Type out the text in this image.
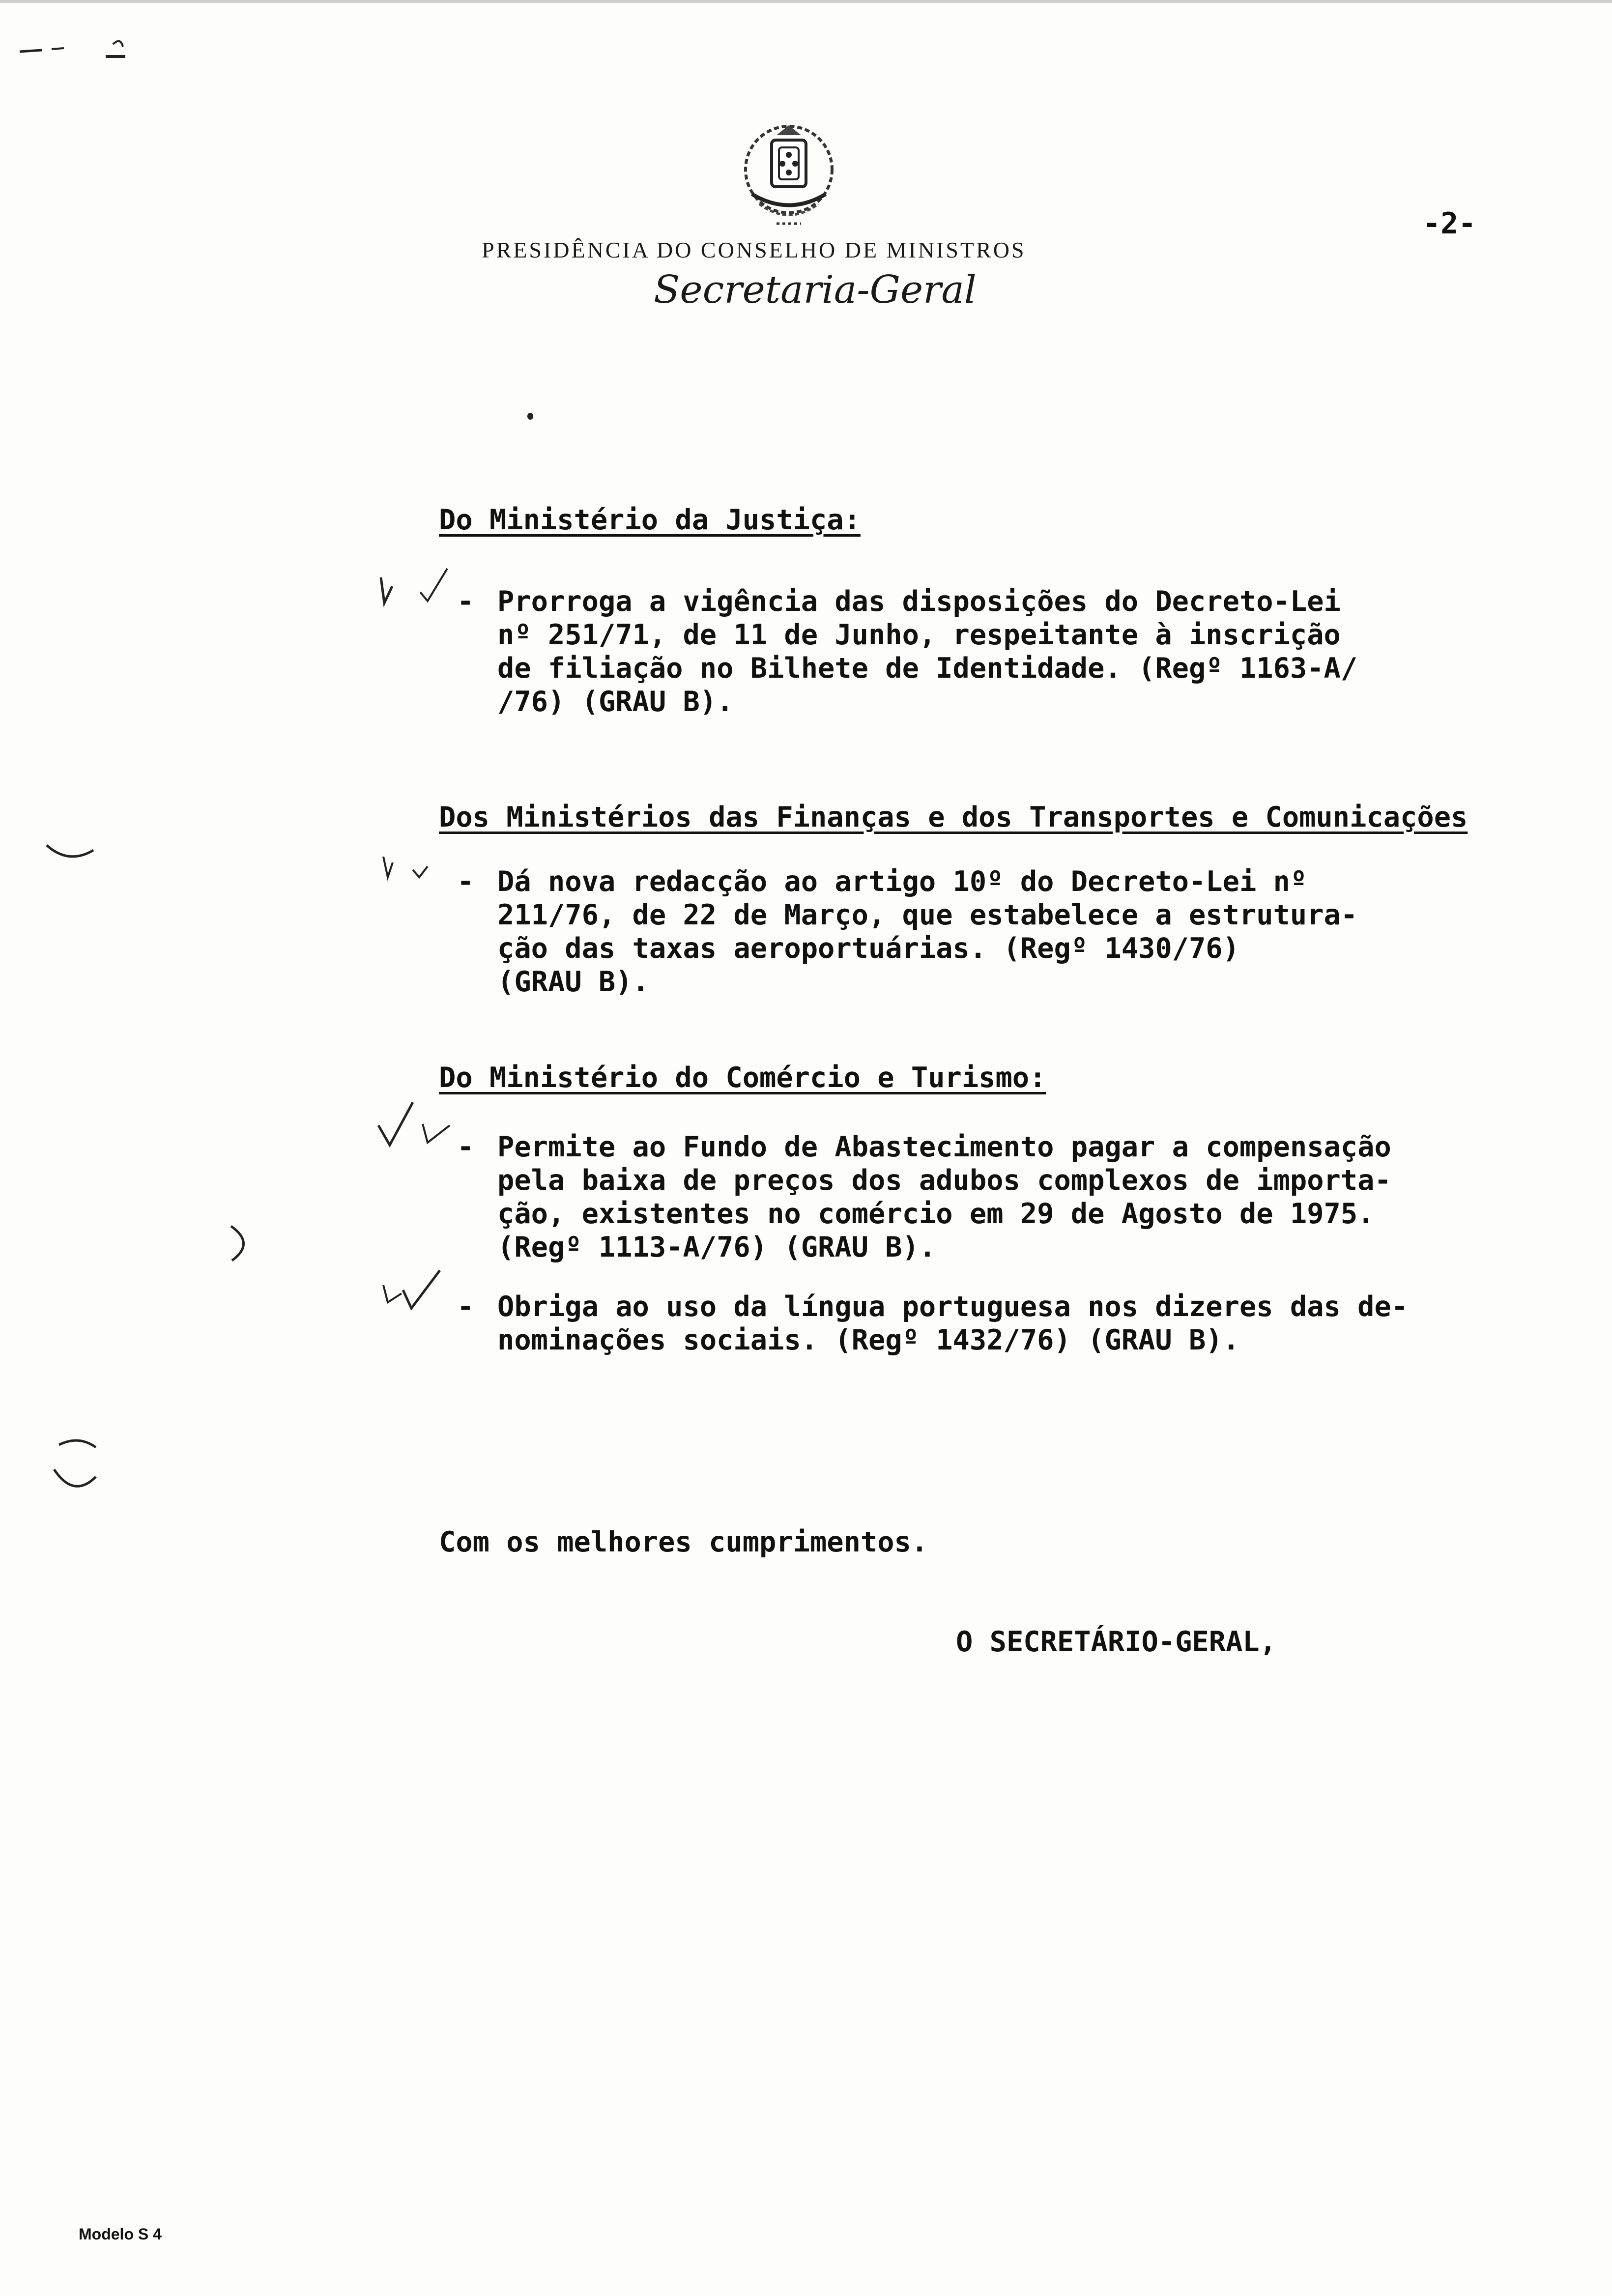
-2-
PRESIDÊNCIA DO CONSELHO DE MINISTROS
Secretaria-Geral
Do Ministério da Justiça:
- Prorroga a vigência das disposições do Decreto-Lei
nº 251/71, de 11 de Junho, respeitante à inscrição
de filiação no Bilhete de Identidade. (Regº 1163-A/
/76) (GRAU B).
Dos Ministérios das Finanças e dos Transportes e Comunicações
- Dá nova redacção ao artigo 10º do Decreto-Lei nº
211/76, de 22 de Março, que estabelece a estrutura-
ção das taxas aeroportuárias. (Regº 1430/76)
(GRAU B).
Do Ministério do Comércio e Turismo:
- Permite ao Fundo de Abastecimento pagar a compensação
pela baixa de preços dos adubos complexos de importa-
ção, existentes no comércio em 29 de Agosto de 1975.
(Regº 1113-A/76) (GRAU B).
- Obriga ao uso da língua portuguesa nos dizeres das de-
nominações sociais. (Regº 1432/76) (GRAU B).
Com os melhores cumprimentos.
O SECRETÁRIO-GERAL,
Modelo S 4
